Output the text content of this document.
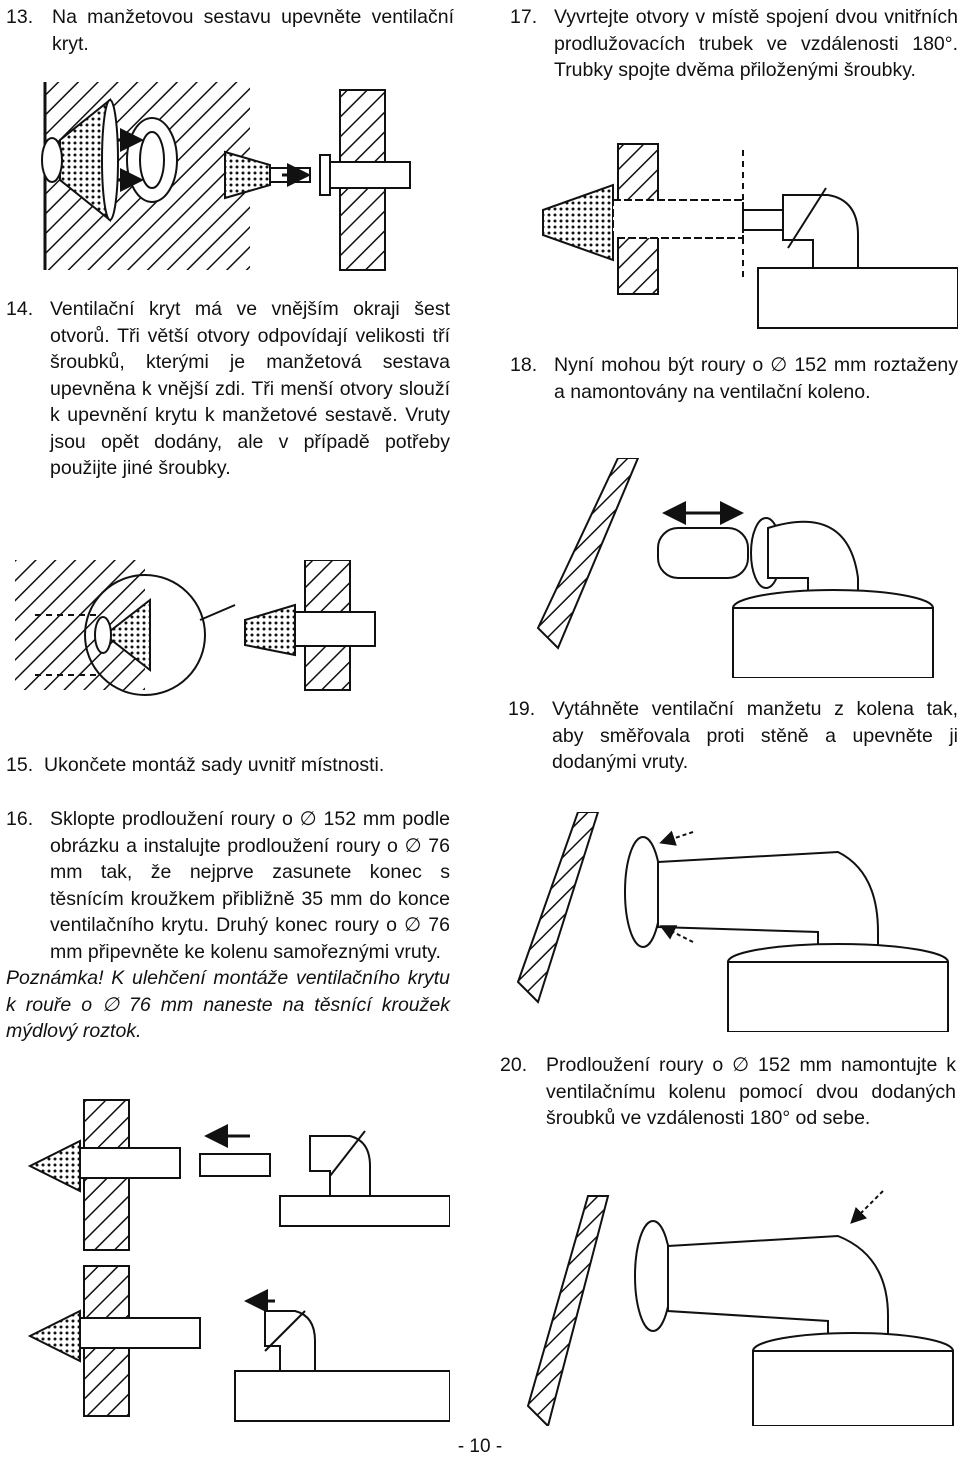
13. Na manžetovou sestavu upevněte ventilační kryt.
14. Ventilační kryt má ve vnějším okraji šest otvorů. Tři větší otvory odpovídají velikosti tří šroubků, kterými je manžetová sestava upevněna k vnější zdi. Tři menší otvory slouží k upevnění krytu k manžetové sestavě. Vruty jsou opět dodány, ale v případě potřeby použijte jiné šroubky.
15. Ukončete montáž sady uvnitř místnosti.
16. Sklopte prodloužení roury o ∅ 152 mm podle obrázku a instalujte prodloužení roury o ∅ 76 mm tak, že nejprve zasunete konec s těsnícím kroužkem přibližně 35 mm do konce ventilačního krytu. Druhý konec roury o ∅ 76 mm připevněte ke kolenu samořeznými vruty.
Poznámka! K ulehčení montáže ventilačního krytu k rouře o ∅ 76 mm naneste na těsnící kroužek mýdlový roztok.
17. Vyvrtejte otvory v místě spojení dvou vnitřních prodlužovacích trubek ve vzdálenosti 180°. Trubky spojte dvěma přiloženými šroubky.
18. Nyní mohou být roury o ∅ 152 mm roztaženy a namontovány na ventilační koleno.
19. Vytáhněte ventilační manžetu z kolena tak, aby směřovala proti stěně a upevněte ji dodanými vruty.
20. Prodloužení roury o ∅ 152 mm namontujte k ventilačnímu kolenu pomocí dvou dodaných šroubků ve vzdálenosti 180° od sebe.
- 10 -
